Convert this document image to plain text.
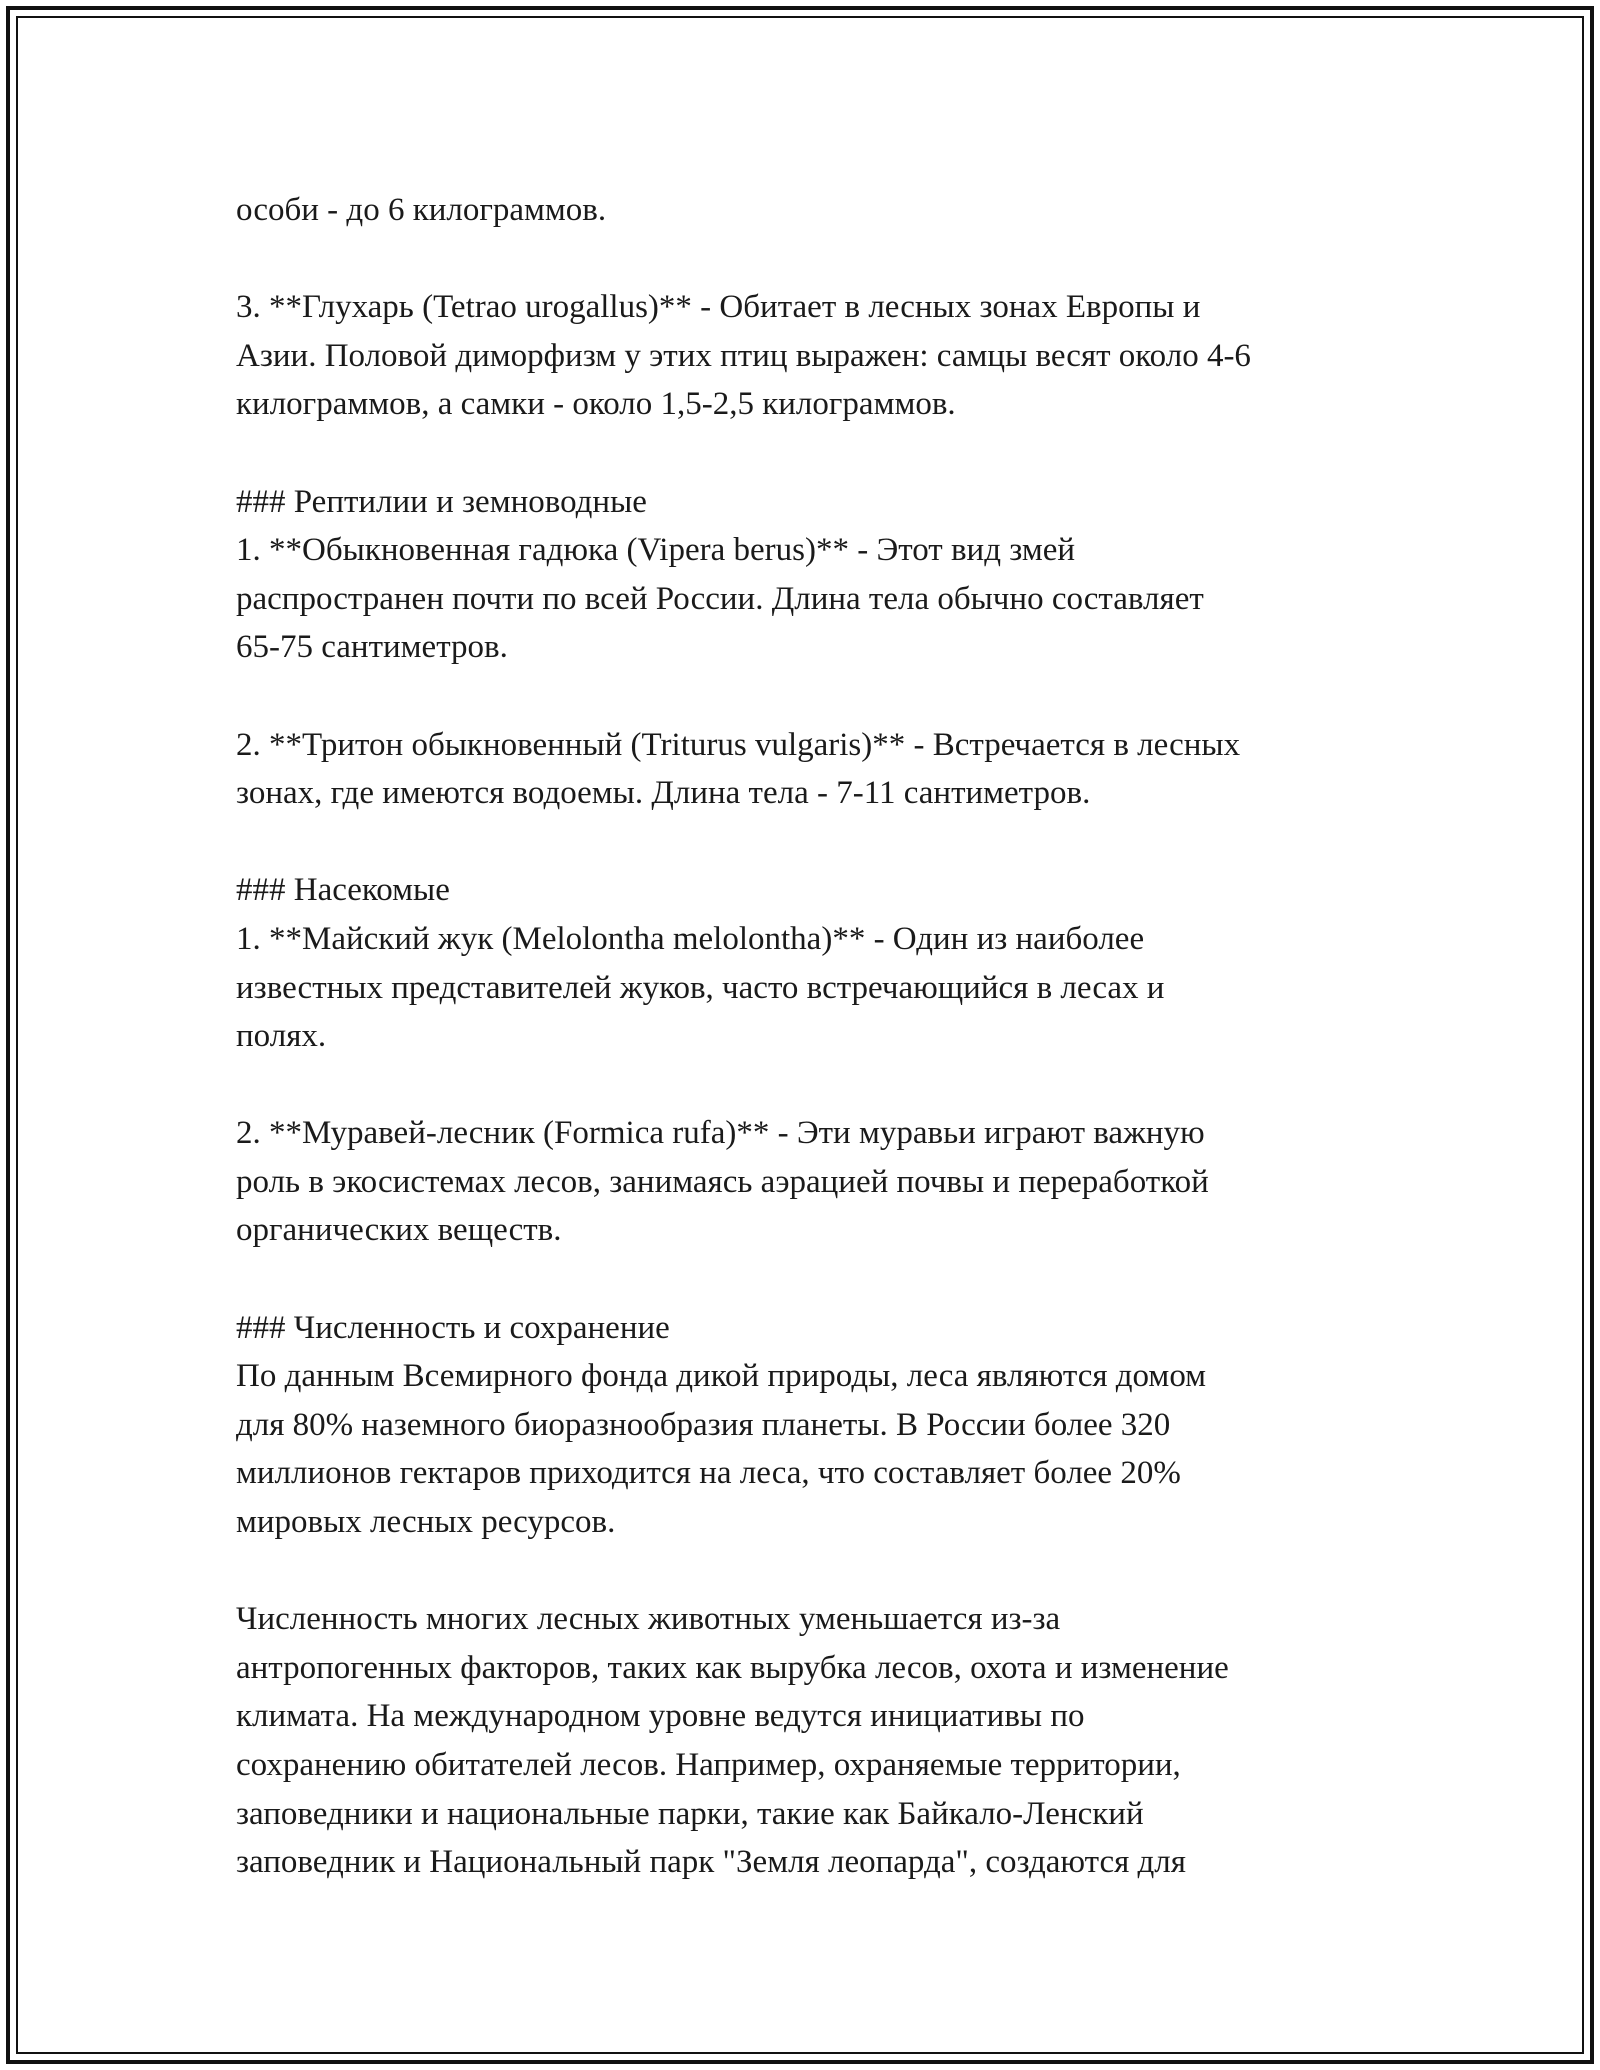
особи - до 6 килограммов.

3. **Глухарь (Tetrao urogallus)** - Обитает в лесных зонах Европы и

Азии. Половой диморфизм у этих птиц выражен: самцы весят около 4-6

килограммов, а самки - около 1,5-2,5 килограммов.

### Рептилии и земноводные

1. **Обыкновенная гадюка (Vipera berus)** - Этот вид змей

распространен почти по всей России. Длина тела обычно составляет

65-75 сантиметров.

2. **Тритон обыкновенный (Triturus vulgaris)** - Встречается в лесных

зонах, где имеются водоемы. Длина тела - 7-11 сантиметров.

### Насекомые

1. **Майский жук (Melolontha melolontha)** - Один из наиболее

известных представителей жуков, часто встречающийся в лесах и

полях.

2. **Муравей-лесник (Formica rufa)** - Эти муравьи играют важную

роль в экосистемах лесов, занимаясь аэрацией почвы и переработкой

органических веществ.

### Численность и сохранение

По данным Всемирного фонда дикой природы, леса являются домом

для 80% наземного биоразнообразия планеты. В России более 320

миллионов гектаров приходится на леса, что составляет более 20%

мировых лесных ресурсов.

Численность многих лесных животных уменьшается из-за

антропогенных факторов, таких как вырубка лесов, охота и изменение

климата. На международном уровне ведутся инициативы по

сохранению обитателей лесов. Например, охраняемые территории,

заповедники и национальные парки, такие как Байкало-Ленский

заповедник и Национальный парк "Земля леопарда", создаются для
